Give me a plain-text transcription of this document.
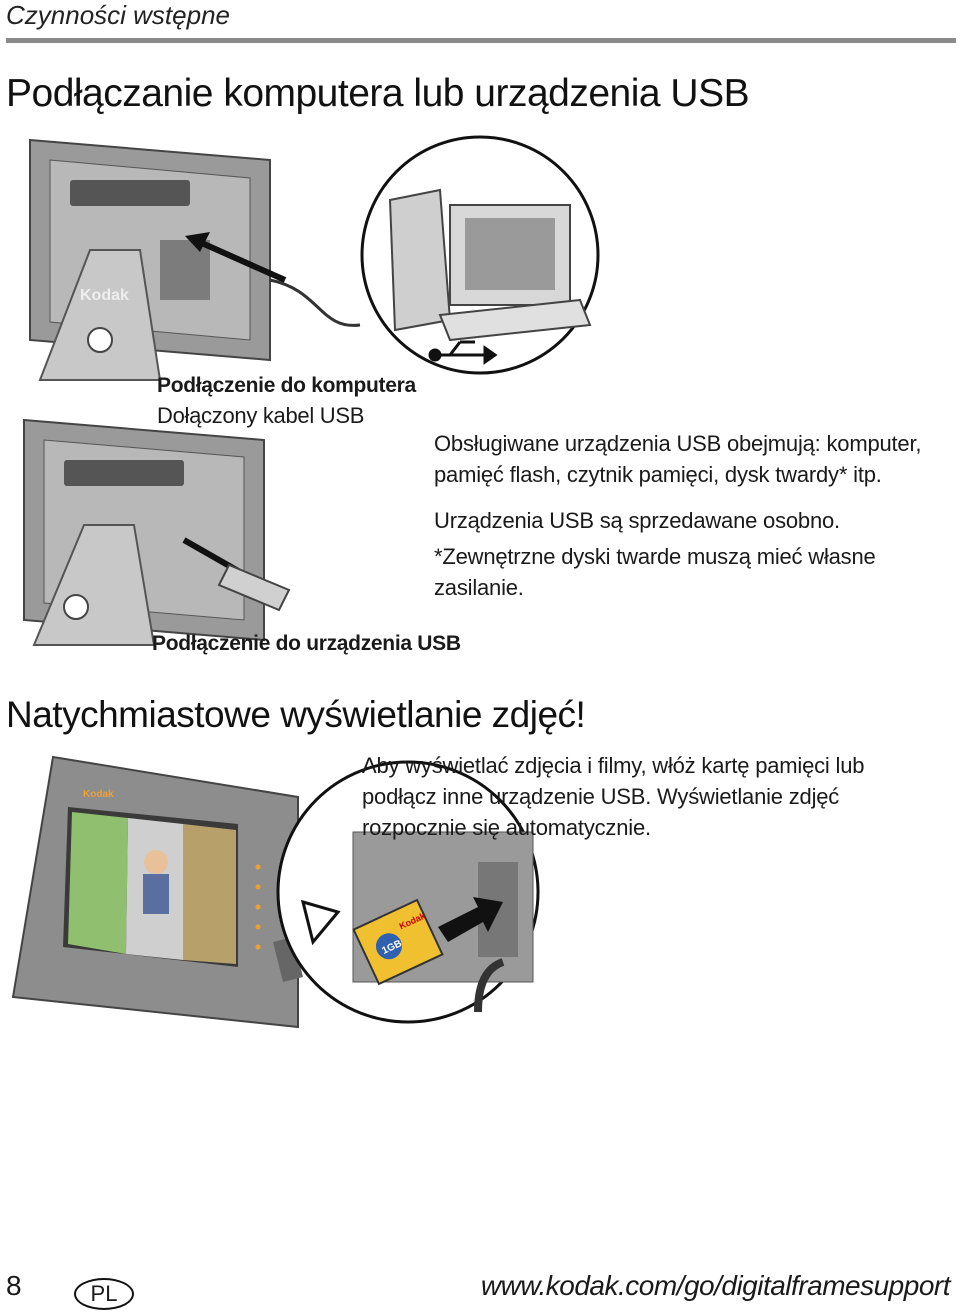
Czynności wstępne
Podłączanie komputera lub urządzenia USB
Kodak
Podłączenie do komputera
Dołączony kabel USB
Podłączenie do urządzenia USB
Obsługiwane urządzenia USB obejmują: komputer,
pamięć flash, czytnik pamięci, dysk twardy* itp.
Urządzenia USB są sprzedawane osobno.
*Zewnętrzne dyski twarde muszą mieć własne
zasilanie.
Natychmiastowe wyświetlanie zdjęć!
Kodak
1GB
Kodak
Aby wyświetlać zdjęcia i filmy, włóż kartę pamięci lub
podłącz inne urządzenie USB. Wyświetlanie zdjęć
rozpocznie się automatycznie.
8	PL	www.kodak.com/go/digitalframesupport
